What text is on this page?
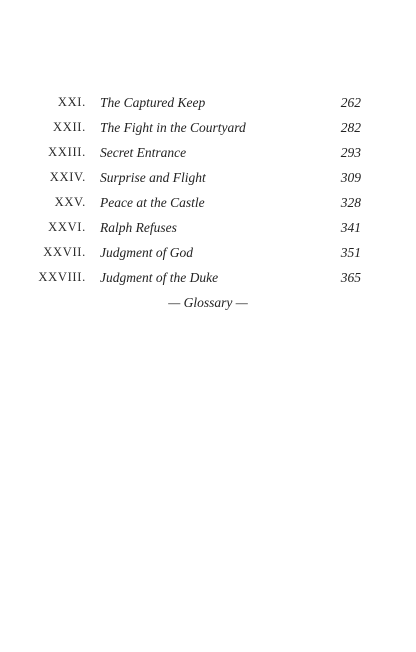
XXI. The Captured Keep	262
XXII. The Fight in the Courtyard	282
XXIII. Secret Entrance	293
XXIV. Surprise and Flight	309
XXV. Peace at the Castle	328
XXVI. Ralph Refuses	341
XXVII. Judgment of God	351
XXVIII. Judgment of the Duke	365
— Glossary —
